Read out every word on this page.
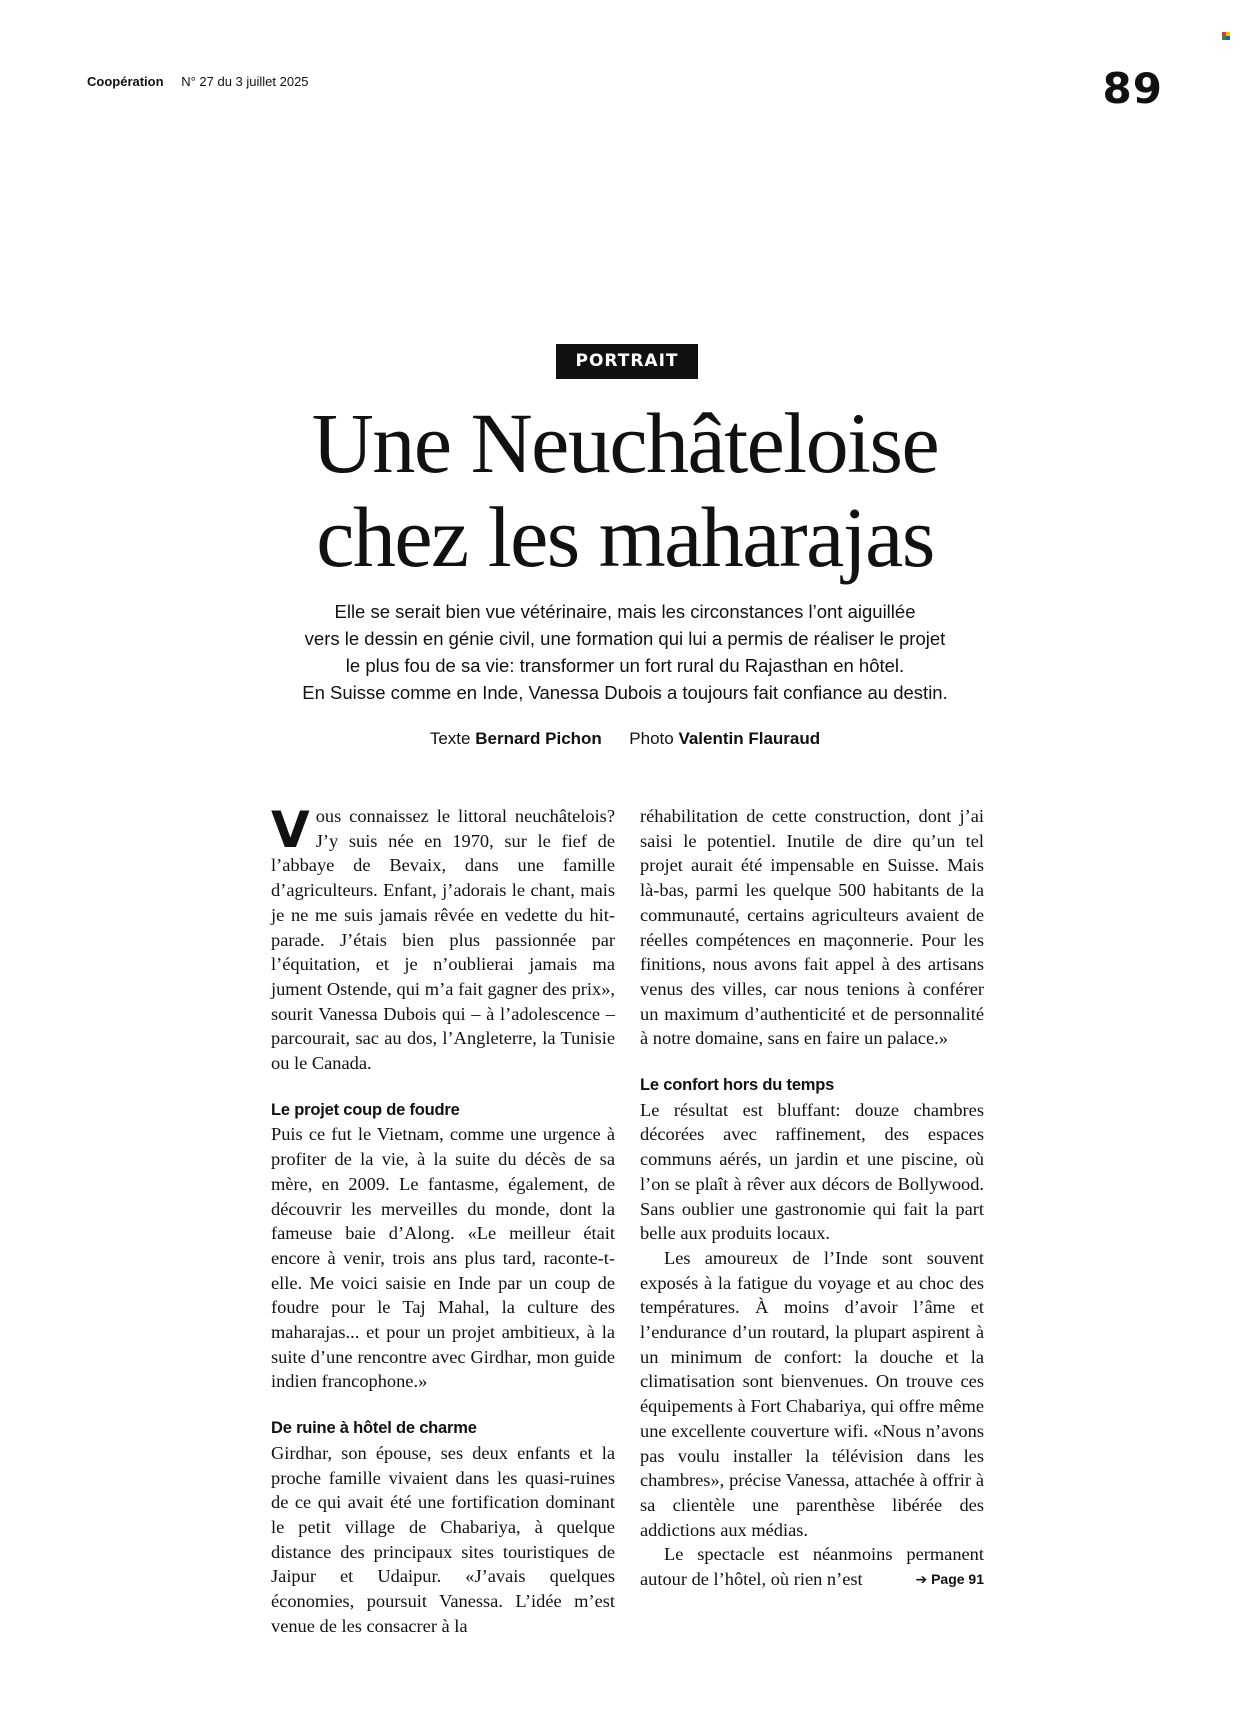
Coopération N° 27 du 3 juillet 2025	89
PORTRAIT
Une Neuchâteloise
chez les maharajas

Elle se serait bien vue vétérinaire, mais les circonstances l’ont aiguillée
vers le dessin en génie civil, une formation qui lui a permis de réaliser le projet
le plus fou de sa vie: transformer un fort rural du Rajasthan en hôtel.
En Suisse comme en Inde, Vanessa Dubois a toujours fait confiance au destin.

Texte Bernard Pichon Photo Valentin Flauraud

Vous connaissez le littoral neuchâtelois? J’y suis née en 1970, sur le fief de l’abbaye de Bevaix, dans une famille d’agriculteurs. Enfant, j’adorais le chant, mais je ne me suis jamais rêvée en vedette du hit-parade. J’étais bien plus passionnée par l’équitation, et je n’oublierai jamais ma jument Ostende, qui m’a fait gagner des prix», sourit Vanessa Dubois qui – à l’adolescence – parcourait, sac au dos, l’Angleterre, la Tunisie ou le Canada.

Le projet coup de foudre

Puis ce fut le Vietnam, comme une urgence à profiter de la vie, à la suite du décès de sa mère, en 2009. Le fantasme, également, de découvrir les merveilles du monde, dont la fameuse baie d’Along. «Le meilleur était encore à venir, trois ans plus tard, raconte-t-elle. Me voici saisie en Inde par un coup de foudre pour le Taj Mahal, la culture des maharajas... et pour un projet ambitieux, à la suite d’une rencontre avec Girdhar, mon guide indien francophone.»

De ruine à hôtel de charme

Girdhar, son épouse, ses deux enfants et la proche famille vivaient dans les quasi-ruines de ce qui avait été une fortification dominant le petit village de Chabariya, à quelque distance des principaux sites touristiques de Jaipur et Udaipur. «J’avais quelques économies, poursuit Vanessa. L’idée m’est venue de les consacrer à la

réhabilitation de cette construction, dont j’ai saisi le potentiel. Inutile de dire qu’un tel projet aurait été impensable en Suisse. Mais là-bas, parmi les quelque 500 habitants de la communauté, certains agriculteurs avaient de réelles compétences en maçonnerie. Pour les finitions, nous avons fait appel à des artisans venus des villes, car nous tenions à conférer un maximum d’authenticité et de personnalité à notre domaine, sans en faire un palace.»

Le confort hors du temps

Le résultat est bluffant: douze chambres décorées avec raffinement, des espaces communs aérés, un jardin et une piscine, où l’on se plaît à rêver aux décors de Bollywood. Sans oublier une gastronomie qui fait la part belle aux produits locaux.

Les amoureux de l’Inde sont souvent exposés à la fatigue du voyage et au choc des températures. À moins d’avoir l’âme et l’endurance d’un routard, la plupart aspirent à un minimum de confort: la douche et la climatisation sont bienvenues. On trouve ces équipements à Fort Chabariya, qui offre même une excellente couverture wifi. «Nous n’avons pas voulu installer la télévision dans les chambres», précise Vanessa, attachée à offrir à sa clientèle une parenthèse libérée des addictions aux médias.

Le spectacle est néanmoins permanent autour de l’hôtel, où rien n’est	➔ Page 91
